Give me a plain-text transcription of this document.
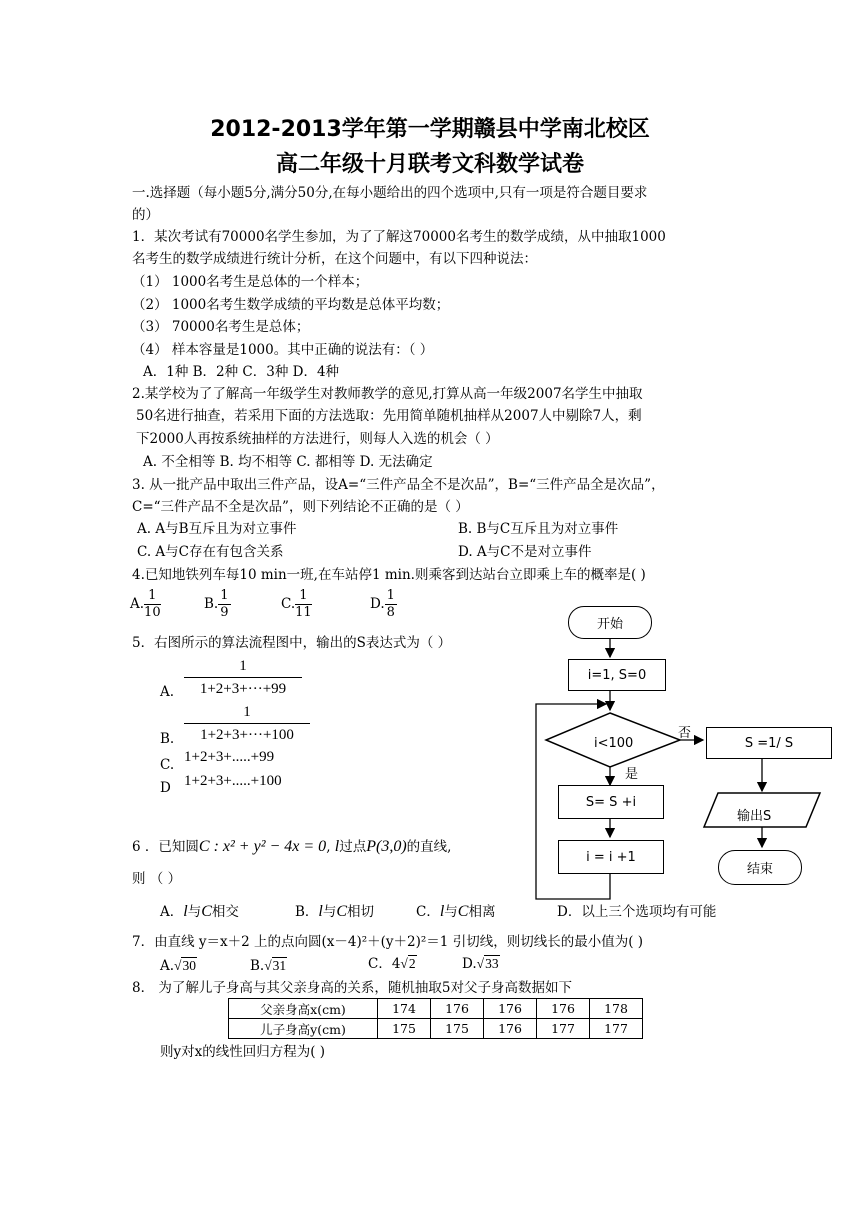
2012-2013学年第一学期赣县中学南北校区
高二年级十月联考文科数学试卷
一.选择题（每小题5分,满分50分,在每小题给出的四个选项中,只有一项是符合题目要求
的）
1．某次考试有70000名学生参加，为了了解这70000名考生的数学成绩，从中抽取1000
名考生的数学成绩进行统计分析，在这个问题中，有以下四种说法：
（1） 1000名考生是总体的一个样本；
（2） 1000名考生数学成绩的平均数是总体平均数；
（3） 70000名考生是总体；
（4） 样本容量是1000。其中正确的说法有：（ ）
A．1种 B．2种 C．3种 D．4种
2.某学校为了了解高一年级学生对教师教学的意见,打算从高一年级2007名学生中抽取
50名进行抽查，若采用下面的方法选取：先用简单随机抽样从2007人中剔除7人，剩
下2000人再按系统抽样的方法进行，则每人入选的机会（ ）
A. 不全相等 B. 均不相等 C. 都相等 D. 无法确定
3. 从一批产品中取出三件产品，设A=“三件产品全不是次品”，B=“三件产品全是次品”，
C=“三件产品不全是次品”，则下列结论不正确的是（ ）
A. A与B互斥且为对立事件	B. B与C互斥且为对立事件
C. A与C存在有包含关系	D. A与C不是对立事件
4.已知地铁列车每10 min一班,在车站停1 min.则乘客到达站台立即乘上车的概率是( )
A. $\frac{1}{10}$	B. $\frac{1}{9}$	C. $\frac{1}{11}$	D. $\frac{1}{8}$
5．右图所示的算法流程图中，输出的S表达式为（ ）
A. $\frac{1}{1+2+3+\cdot\cdot\cdot+99}$
B. $\frac{1}{1+2+3+\cdot\cdot\cdot+100}$
C. 1+2+3+.....+99
D 1+2+3+.....+100
开始
i=1, S=0
i<100
否
是
S= S +i
i = i +1
S =1/ S
输出S
结束
6 ．已知圆C : x² + y² − 4x = 0, l过点P(3,0)的直线,
则 （ ）
A．l与C相交	B．l与C相切	C．l与C相离	D．以上三个选项均有可能
7．由直线 y＝x＋2 上的点向圆(x－4)²＋(y＋2)²＝1 引切线，则切线长的最小值为( )
A.√30	B.√31	C．4√2	D.√33
8． 为了解儿子身高与其父亲身高的关系，随机抽取5对父子身高数据如下
父亲身高x(cm)	174	176	176	176	178
儿子身高y(cm)	175	175	176	177	177
则y对x的线性回归方程为( )
